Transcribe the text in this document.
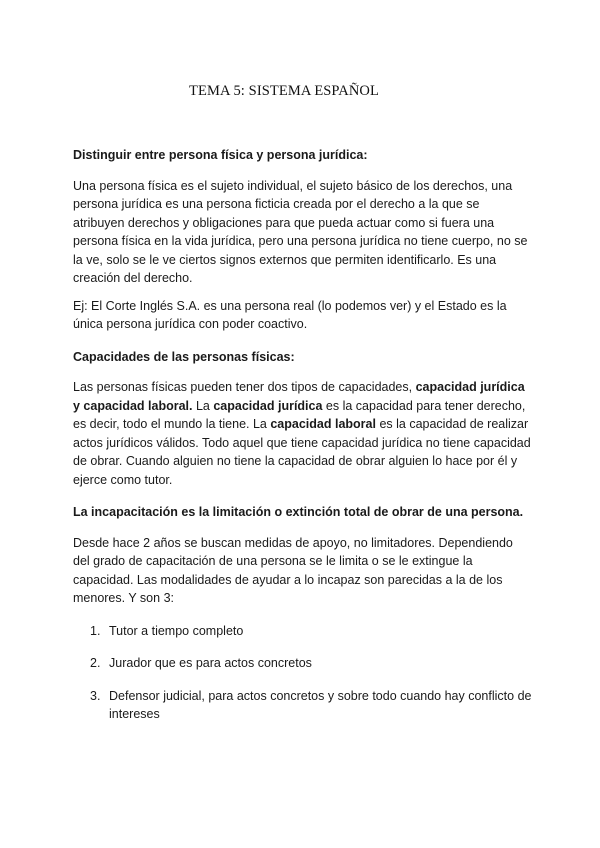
TEMA 5: SISTEMA ESPAÑOL
Distinguir entre persona física y persona jurídica:

Una persona física es el sujeto individual, el sujeto básico de los derechos, una persona jurídica es una persona ficticia creada por el derecho a la que se atribuyen derechos y obligaciones para que pueda actuar como si fuera una persona física en la vida jurídica, pero una persona jurídica no tiene cuerpo, no se la ve, solo se le ve ciertos signos externos que permiten identificarlo. Es una creación del derecho.

Ej: El Corte Inglés S.A. es una persona real (lo podemos ver) y el Estado es la única persona jurídica con poder coactivo.

Capacidades de las personas físicas:

Las personas físicas pueden tener dos tipos de capacidades, capacidad jurídica y capacidad laboral. La capacidad jurídica es la capacidad para tener derecho, es decir, todo el mundo la tiene. La capacidad laboral es la capacidad de realizar actos jurídicos válidos. Todo aquel que tiene capacidad jurídica no tiene capacidad de obrar. Cuando alguien no tiene la capacidad de obrar alguien lo hace por él y ejerce como tutor.

La incapacitación es la limitación o extinción total de obrar de una persona.

Desde hace 2 años se buscan medidas de apoyo, no limitadores. Dependiendo del grado de capacitación de una persona se le limita o se le extingue la capacidad. Las modalidades de ayudar a lo incapaz son parecidas a la de los menores. Y son 3:

1. Tutor a tiempo completo
2. Jurador que es para actos concretos
3. Defensor judicial, para actos concretos y sobre todo cuando hay conflicto de intereses
